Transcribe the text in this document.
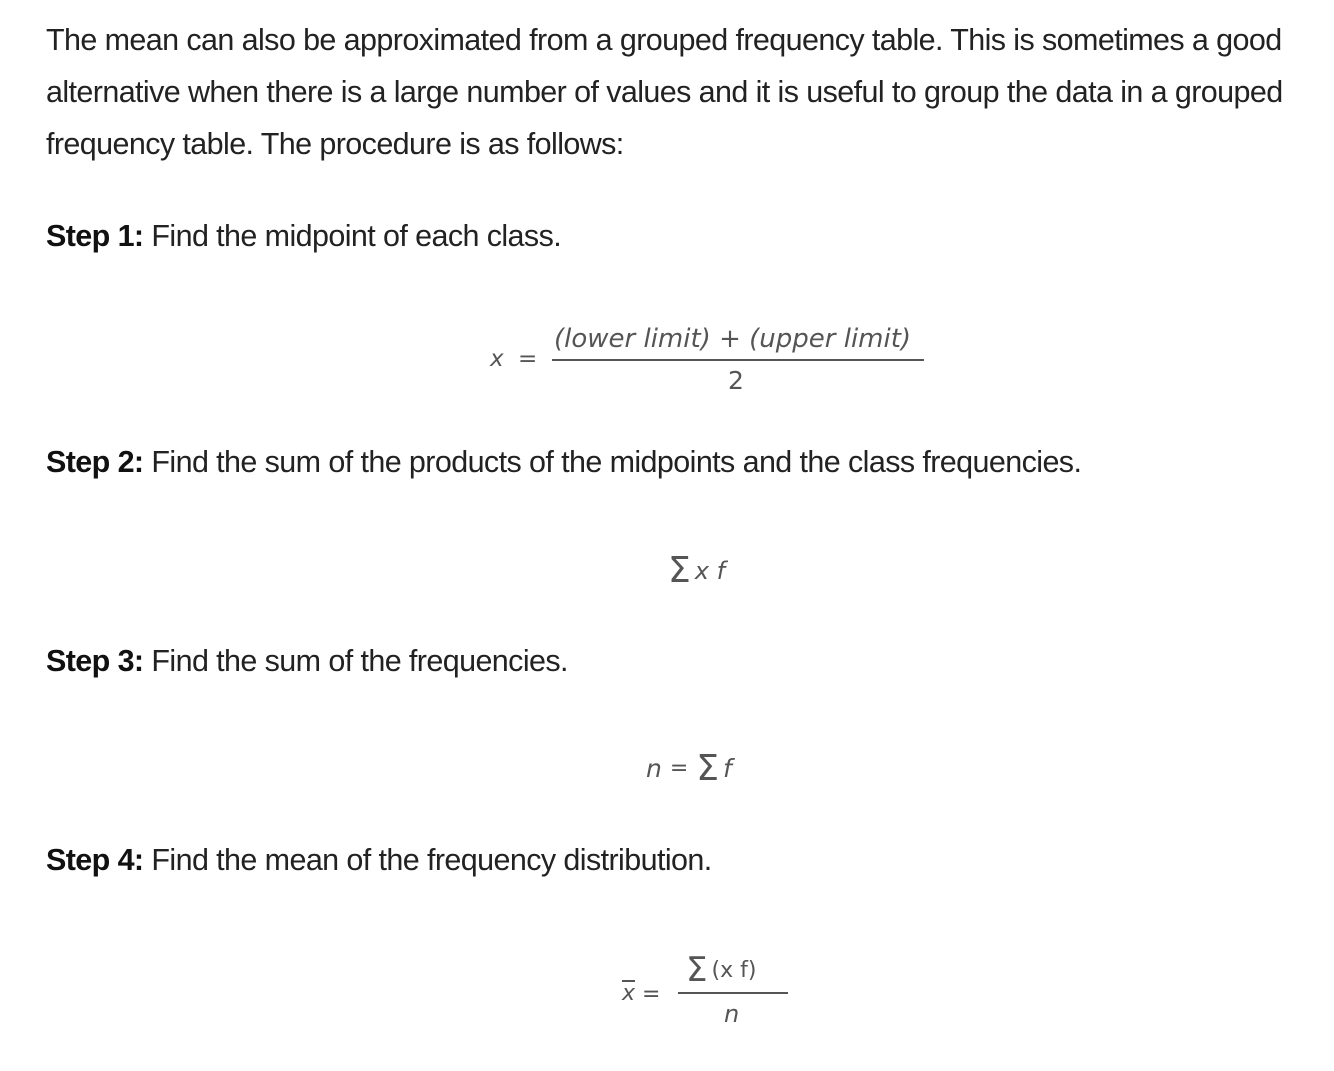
The mean can also be approximated from a grouped frequency table. This is sometimes a good alternative when there is a large number of values and it is useful to group the data in a grouped frequency table. The procedure is as follows:

Step 1: Find the midpoint of each class.

x =
(lower limit) + (upper limit)
2

Step 2: Find the sum of the products of the midpoints and the class frequencies.

Σx f

Step 3: Find the sum of the frequencies.

n = Σ f

Step 4: Find the mean of the frequency distribution.

x =
Σ (x f)
n
